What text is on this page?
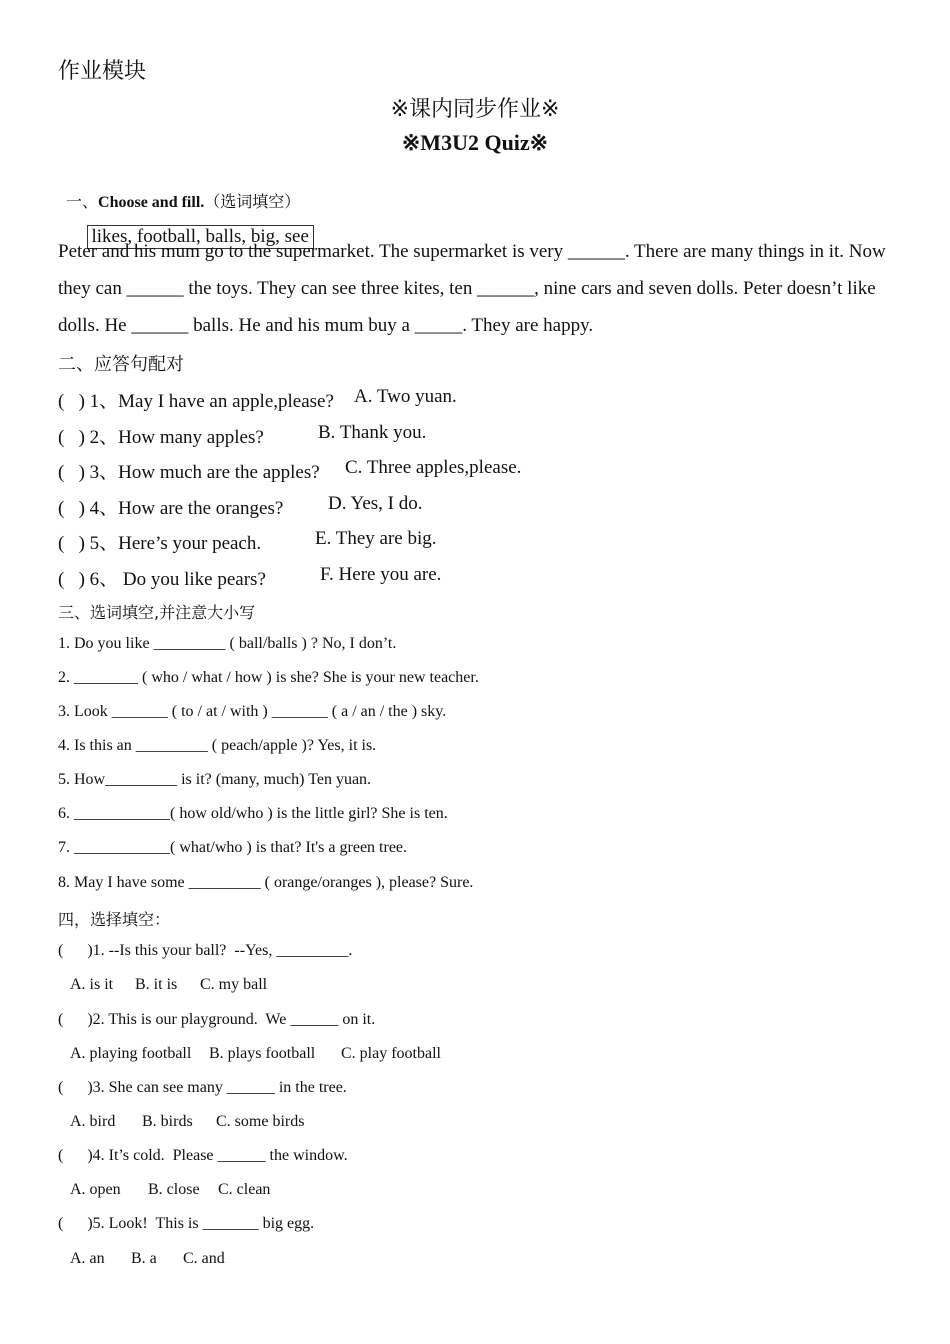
作业模块
※课内同步作业※
※M3U2 Quiz※

一、Choose and fill.（选词填空）

likes, football, balls, big, see

Peter and his mum go to the supermarket. The supermarket is very ______. There are many things in it. Now
they can ______ the toys. They can see three kites, ten ______, nine cars and seven dolls. Peter doesn’t like
dolls. He ______ balls. He and his mum buy a _____. They are happy.
二、应答句配对
(   ) 1、May I have an apple,please? A. Two yuan.
(   ) 2、How many apples?	B. Thank you.
(   ) 3、How much are the apples? C. Three apples,please.
(   ) 4、How are the oranges? D. Yes, I do.
(   ) 5、Here’s your peach.	E. They are big.
(   ) 6、 Do you like pears?	F. Here you are.
三、选词填空,并注意大小写
1. Do you like _________ ( ball/balls ) ? No, I don’t.
2. ________ ( who / what / how ) is she? She is your new teacher.
3. Look _______ ( to / at / with ) _______ ( a / an / the ) sky.
4. Is this an _________ ( peach/apple )? Yes, it is.
5. How_________ is it? (many, much) Ten yuan.
6. ____________( how old/who ) is the little girl? She is ten.
7. ____________( what/who ) is that? It's a green tree.
8. May I have some _________ ( orange/oranges ), please? Sure.
四，选择填空：
(      )1. --Is this your ball?  --Yes, _________.
A. is it B. it is C. my ball
(      )2. This is our playground.  We ______ on it.
A. playing football B. plays football C. play football
(      )3. She can see many ______ in the tree.
A. bird B. birds C. some birds
(      )4. It’s cold.  Please ______ the window.
A. open B. close C. clean
(      )5. Look!  This is _______ big egg.
A. an B. a C. and
